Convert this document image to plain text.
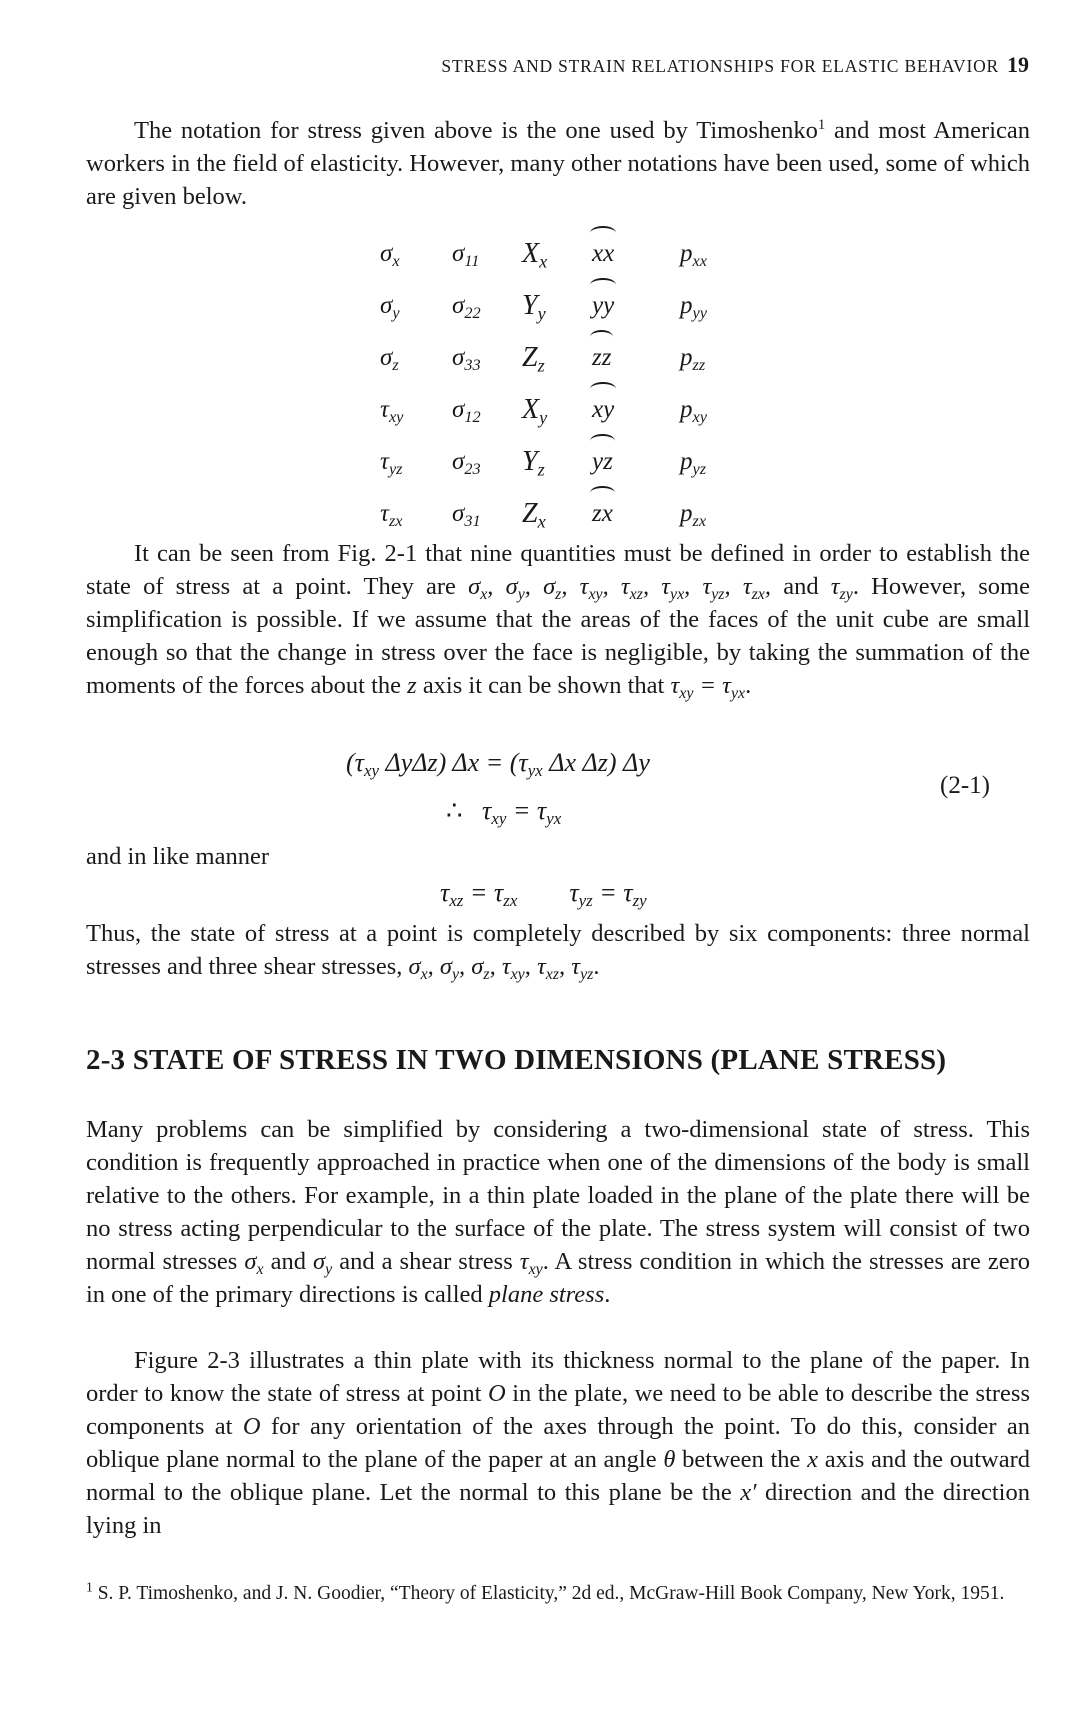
STRESS AND STRAIN RELATIONSHIPS FOR ELASTIC BEHAVIOR 19
The notation for stress given above is the one used by Timoshenko$^1$ and most American workers in the field of elasticity. However, many other notations have been used, some of which are given below.
$\sigma_x$	$\sigma_{11}$	$X_x$	xx	$p_{xx}$
$\sigma_y$	$\sigma_{22}$	$Y_y$	yy	$p_{yy}$
$\sigma_z$	$\sigma_{33}$	$Z_z$	zz	$p_{zz}$
$\tau_{xy}$	$\sigma_{12}$	$X_y$	xy	$p_{xy}$
$\tau_{yz}$	$\sigma_{23}$	$Y_z$	yz	$p_{yz}$
$\tau_{zx}$	$\sigma_{31}$	$Z_x$	zx	$p_{zx}$
It can be seen from Fig. 2-1 that nine quantities must be defined in order to establish the state of stress at a point. They are $\sigma_x$, $\sigma_y$, $\sigma_z$, $\tau_{xy}$, $\tau_{xz}$, $\tau_{yx}$, $\tau_{yz}$, $\tau_{zx}$, and $\tau_{zy}$. However, some simplification is possible. If we assume that the areas of the faces of the unit cube are small enough so that the change in stress over the face is negligible, by taking the summation of the moments of the forces about the z axis it can be shown that $\tau_{xy} = \tau_{yx}$.
($\tau_{xy}$ ΔyΔz) $\Delta x = (\tau_{yx}$ Δx Δz) Δy
∴   $\tau_{xy} = \tau_{yx}$
(2-1)
and in like manner
$\tau_{xz} = \tau_{zx}$        $\tau_{yz} = \tau_{zy}$
Thus, the state of stress at a point is completely described by six components: three normal stresses and three shear stresses, $\sigma_x$, $\sigma_y$, $\sigma_z$, $\tau_{xy}$, $\tau_{xz}$, $\tau_{yz}$.
2-3 STATE OF STRESS IN TWO DIMENSIONS (PLANE STRESS)
Many problems can be simplified by considering a two-dimensional state of stress. This condition is frequently approached in practice when one of the dimensions of the body is small relative to the others. For example, in a thin plate loaded in the plane of the plate there will be no stress acting perpendicular to the surface of the plate. The stress system will consist of two normal stresses $\sigma_x$ and $\sigma_y$ and a shear stress $\tau_{xy}$. A stress condition in which the stresses are zero in one of the primary directions is called plane stress.
Figure 2-3 illustrates a thin plate with its thickness normal to the plane of the paper. In order to know the state of stress at point O in the plate, we need to be able to describe the stress components at O for any orientation of the axes through the point. To do this, consider an oblique plane normal to the plane of the paper at an angle θ between the x axis and the outward normal to the oblique plane. Let the normal to this plane be the x′ direction and the direction lying in
$^1$ S. P. Timoshenko, and J. N. Goodier, “Theory of Elasticity,” 2d ed., McGraw-Hill Book Company, New York, 1951.
